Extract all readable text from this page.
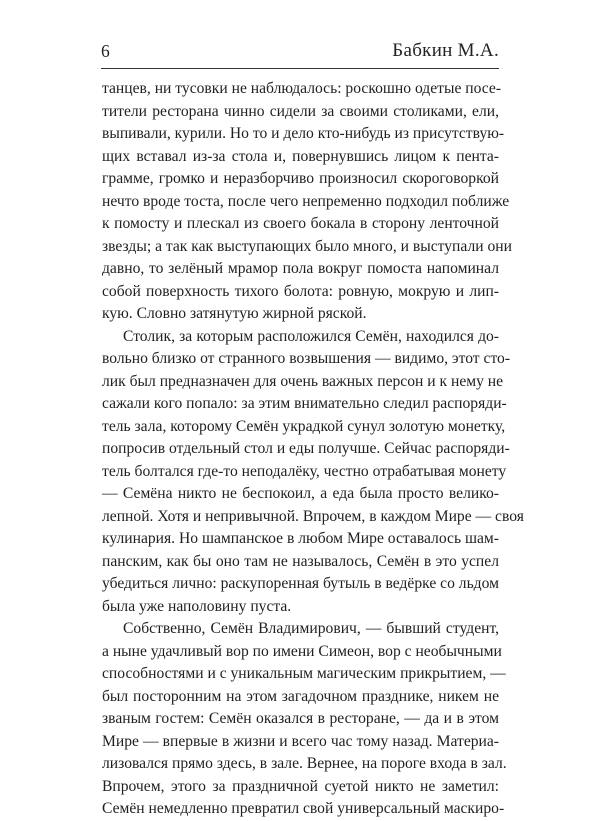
6	Бабкин М.А.
танцев, ни тусовки не наблюдалось: роскошно одетые посе-
тители ресторана чинно сидели за своими столиками, ели,
выпивали, курили. Но то и дело кто-нибудь из присутствую-
щих вставал из-за стола и, повернувшись лицом к пента-
грамме, громко и неразборчиво произносил скороговоркой
нечто вроде тоста, после чего непременно подходил поближе
к помосту и плескал из своего бокала в сторону ленточной
звезды; а так как выступающих было много, и выступали они
давно, то зелёный мрамор пола вокруг помоста напоминал
собой поверхность тихого болота: ровную, мокрую и лип-
кую. Словно затянутую жирной ряской.
Столик, за которым расположился Семён, находился до-
вольно близко от странного возвышения — видимо, этот сто-
лик был предназначен для очень важных персон и к нему не
сажали кого попало: за этим внимательно следил распоряди-
тель зала, которому Семён украдкой сунул золотую монетку,
попросив отдельный стол и еды получше. Сейчас распоряди-
тель болтался где-то неподалёку, честно отрабатывая монету
— Семёна никто не беспокоил, а еда была просто велико-
лепной. Хотя и непривычной. Впрочем, в каждом Мире — своя
кулинария. Но шампанское в любом Мире оставалось шам-
панским, как бы оно там не называлось, Семён в это успел
убедиться лично: раскупоренная бутыль в ведёрке со льдом
была уже наполовину пуста.
Собственно, Семён Владимирович, — бывший студент,
а ныне удачливый вор по имени Симеон, вор с необычными
способностями и с уникальным магическим прикрытием, —
был посторонним на этом загадочном празднике, никем не
званым гостем: Семён оказался в ресторане, — да и в этом
Мире — впервые в жизни и всего час тому назад. Материа-
лизовался прямо здесь, в зале. Вернее, на пороге входа в зал.
Впрочем, этого за праздничной суетой никто не заметил:
Семён немедленно превратил свой универсальный маскиро-
